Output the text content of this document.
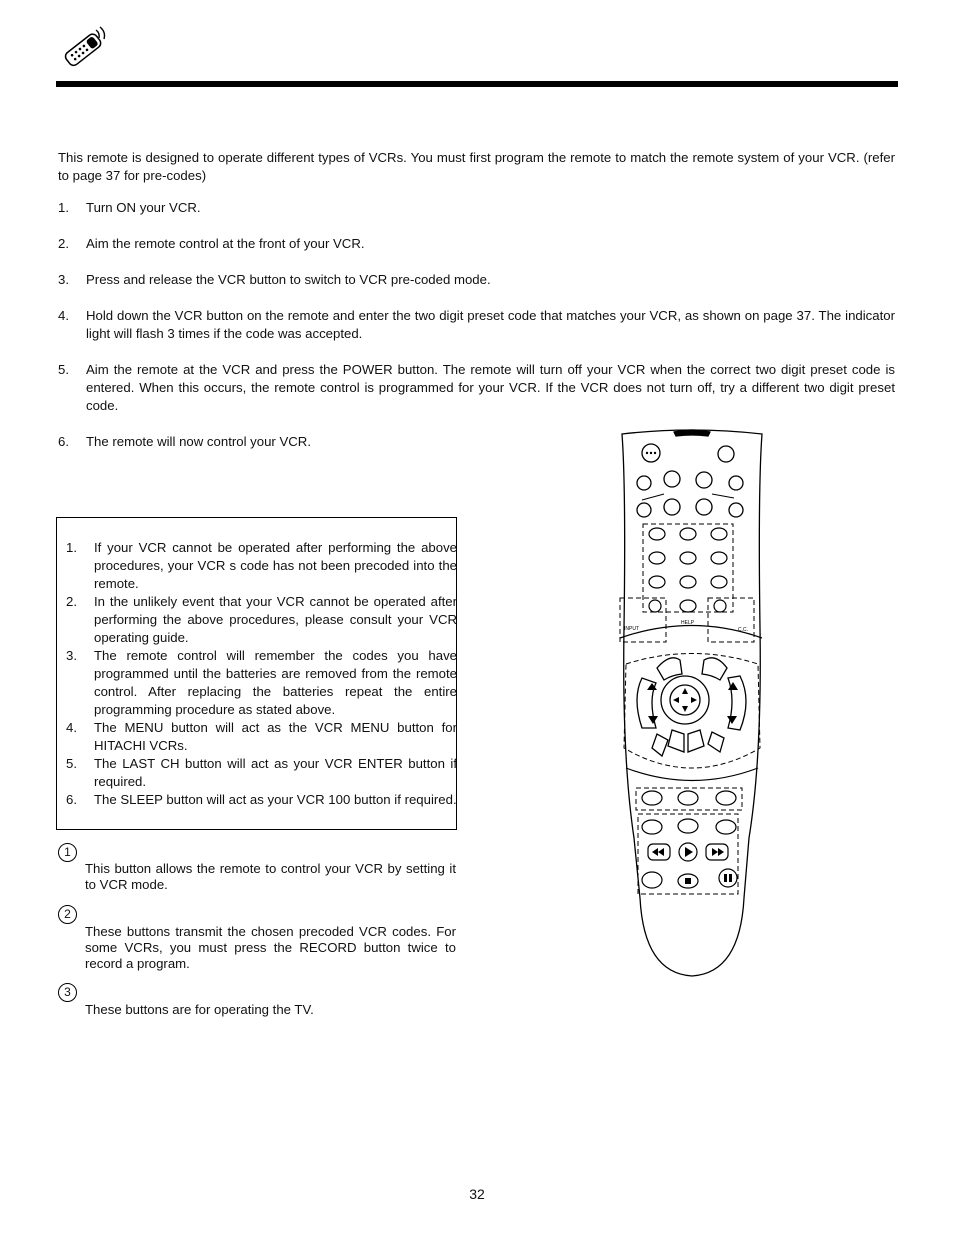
This remote is designed to operate different types of VCRs. You must first program the remote to match the remote system of your VCR. (refer to page 37 for pre-codes)
1. Turn ON your VCR.
2. Aim the remote control at the front of your VCR.
3. Press and release the VCR button to switch to VCR pre-coded mode.
4. Hold down the VCR button on the remote and enter the two digit preset code that matches your VCR, as shown on page 37. The indicator light will flash 3 times if the code was accepted.
5. Aim the remote at the VCR and press the POWER button. The remote will turn off your VCR when the correct two digit preset code is entered. When this occurs, the remote control is programmed for your VCR. If the VCR does not turn off, try a different two digit preset code.
6. The remote will now control your VCR.
1. If your VCR cannot be operated after performing the above procedures, your VCR s code has not been precoded into the remote.
2. In the unlikely event that your VCR cannot be operated after performing the above procedures, please consult your VCR operating guide.
3. The remote control will remember the codes you have programmed until the batteries are removed from the remote control. After replacing the batteries repeat the entire programming procedure as stated above.
4. The MENU button will act as the VCR MENU button for HITACHI VCRs.
5. The LAST CH button will act as your VCR ENTER button if required.
6. The SLEEP button will act as your VCR 100 button if required.
1
This button allows the remote to control your VCR by setting it to VCR mode.
2
These buttons transmit the chosen precoded VCR codes. For some VCRs, you must press the RECORD button twice to record a program.
3
These buttons are for operating the TV.
INPUT
HELP
C.C.
32
